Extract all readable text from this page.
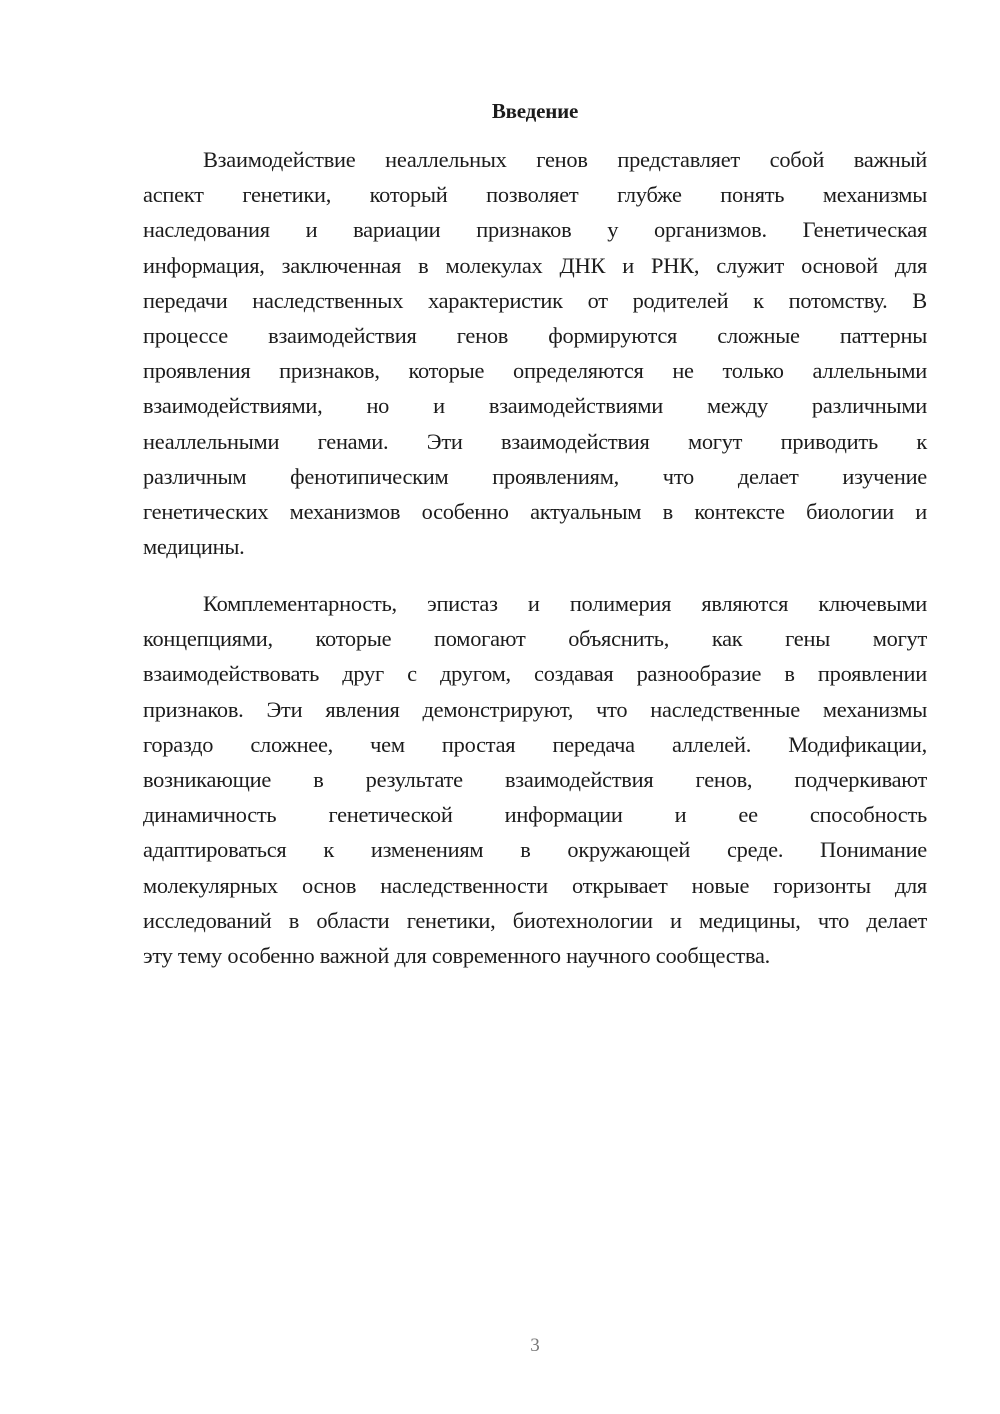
Введение
Взаимодействие неаллельных генов представляет собой важный
аспект генетики, который позволяет глубже понять механизмы
наследования и вариации признаков у организмов. Генетическая
информация, заключенная в молекулах ДНК и РНК, служит основой для
передачи наследственных характеристик от родителей к потомству. В
процессе взаимодействия генов формируются сложные паттерны
проявления признаков, которые определяются не только аллельными
взаимодействиями, но и взаимодействиями между различными
неаллельными генами. Эти взаимодействия могут приводить к
различным фенотипическим проявлениям, что делает изучение
генетических механизмов особенно актуальным в контексте биологии и
медицины.
Комплементарность, эпистаз и полимерия являются ключевыми
концепциями, которые помогают объяснить, как гены могут
взаимодействовать друг с другом, создавая разнообразие в проявлении
признаков. Эти явления демонстрируют, что наследственные механизмы
гораздо сложнее, чем простая передача аллелей. Модификации,
возникающие в результате взаимодействия генов, подчеркивают
динамичность генетической информации и ее способность
адаптироваться к изменениям в окружающей среде. Понимание
молекулярных основ наследственности открывает новые горизонты для
исследований в области генетики, биотехнологии и медицины, что делает
эту тему особенно важной для современного научного сообщества.
3
